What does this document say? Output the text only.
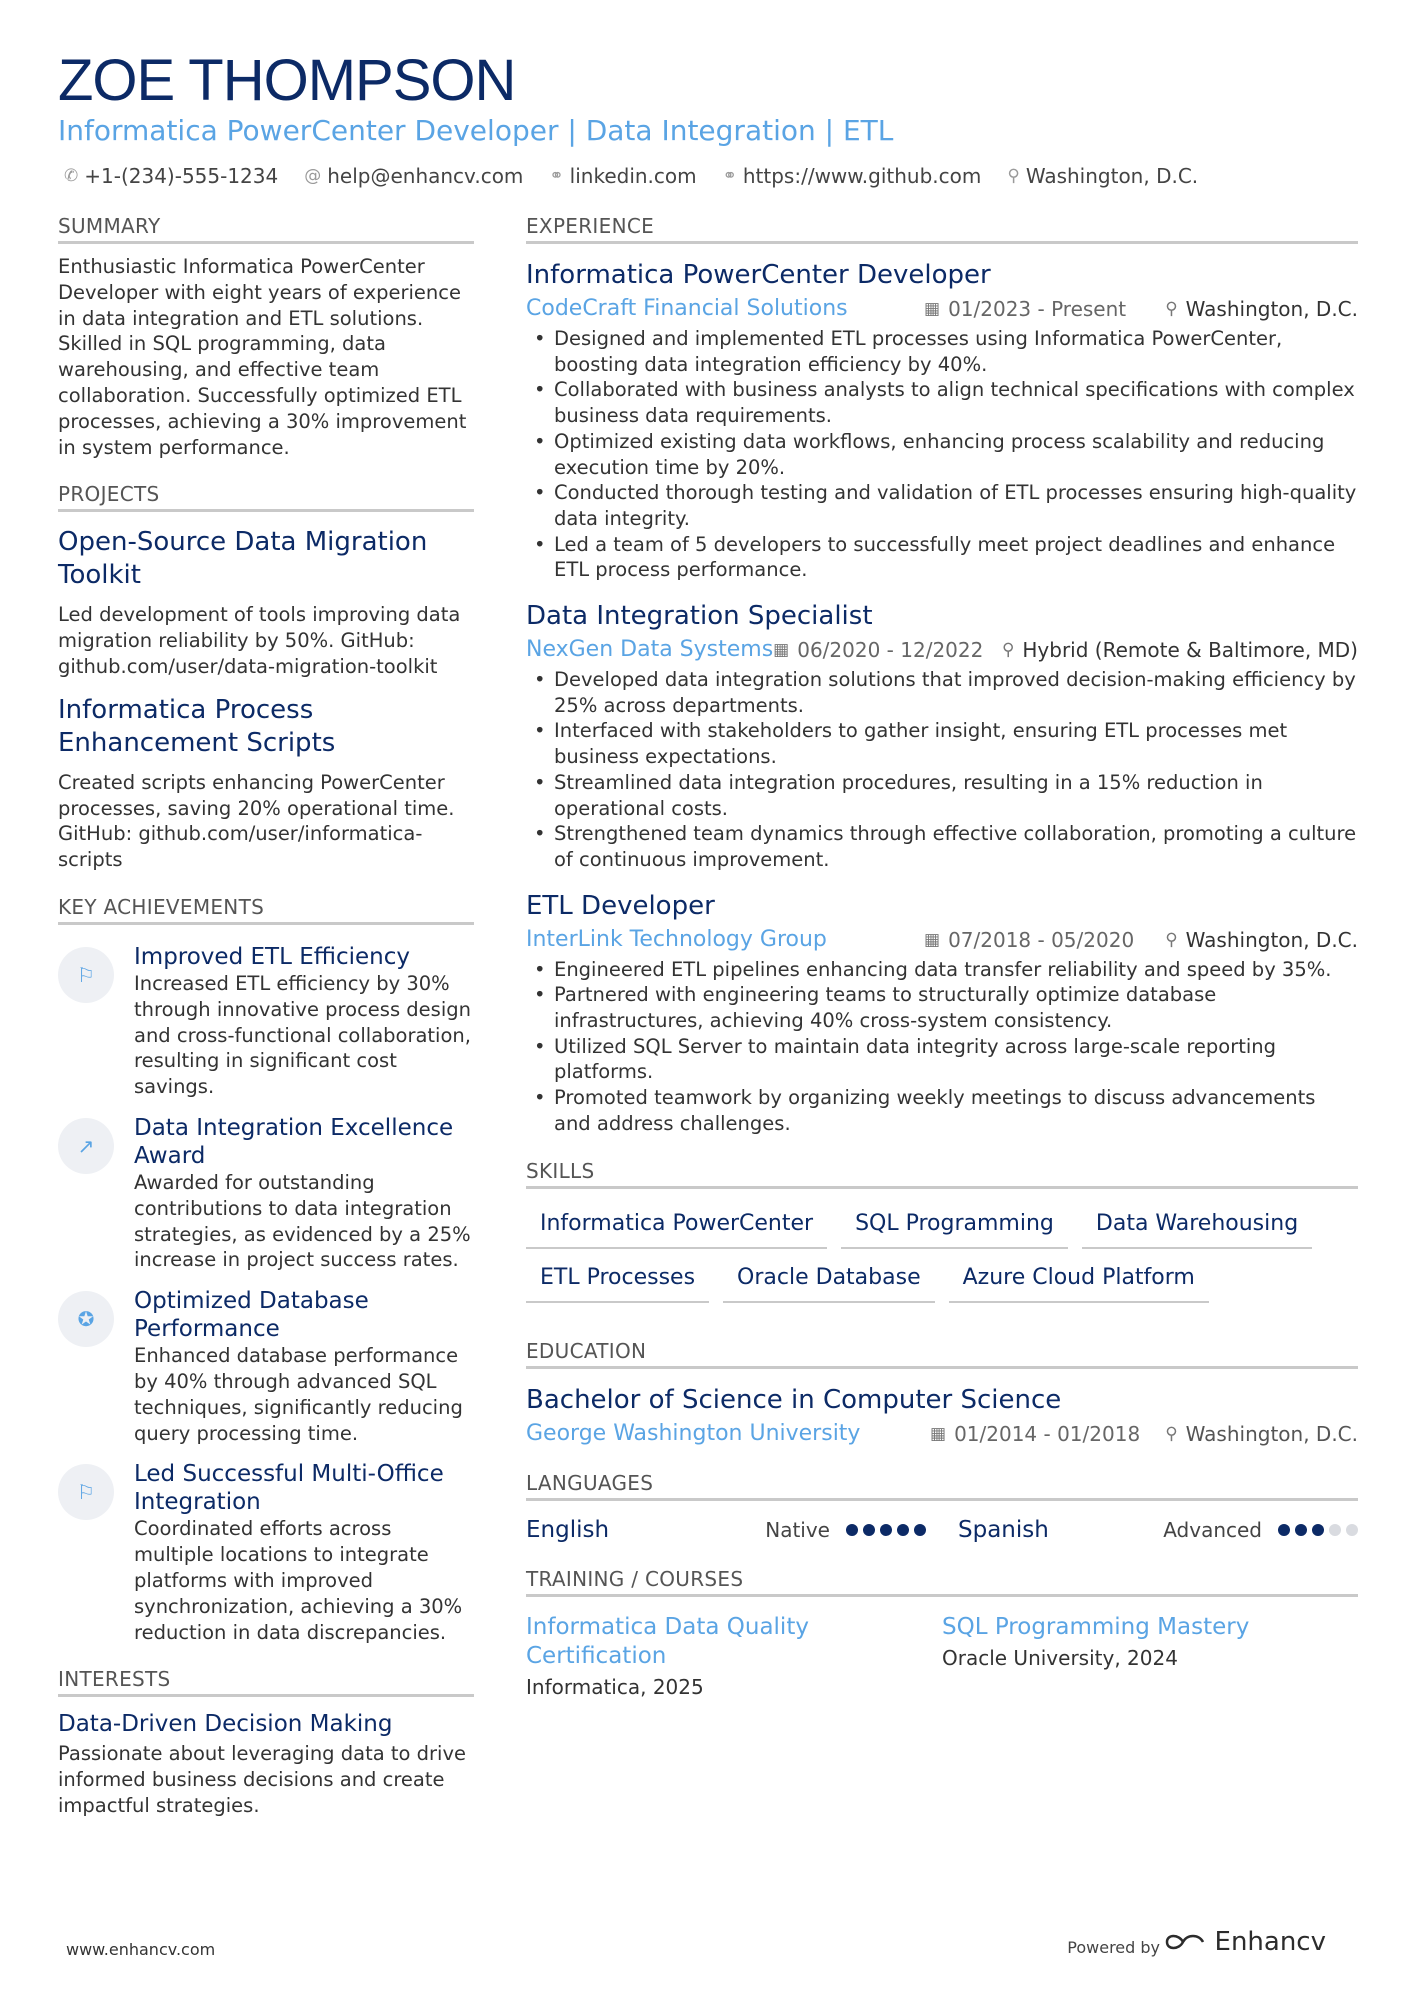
ZOE THOMPSON
Informatica PowerCenter Developer | Data Integration | ETL
✆ +1-(234)-555-1234 @ help@enhancv.com ⚭ linkedin.com ⚭ https://www.github.com ⚲ Washington, D.C.
SUMMARY
Enthusiastic Informatica PowerCenter Developer with eight years of experience in data integration and ETL solutions. Skilled in SQL programming, data warehousing, and effective team collaboration. Successfully optimized ETL processes, achieving a 30% improvement in system performance.
PROJECTS
Open-Source Data Migration Toolkit
Led development of tools improving data migration reliability by 50%. GitHub: github.com/user/data-migration-toolkit
Informatica Process Enhancement Scripts
Created scripts enhancing PowerCenter processes, saving 20% operational time. GitHub: github.com/user/informatica-scripts
KEY ACHIEVEMENTS
⚐
Improved ETL Efficiency
Increased ETL efficiency by 30% through innovative process design and cross-functional collaboration, resulting in significant cost savings.
↗
Data Integration Excellence Award
Awarded for outstanding contributions to data integration strategies, as evidenced by a 25% increase in project success rates.
✪
Optimized Database Performance
Enhanced database performance by 40% through advanced SQL techniques, significantly reducing query processing time.
⚐
Led Successful Multi-Office Integration
Coordinated efforts across multiple locations to integrate platforms with improved synchronization, achieving a 30% reduction in data discrepancies.
INTERESTS
Data-Driven Decision Making
Passionate about leveraging data to drive informed business decisions and create impactful strategies.
EXPERIENCE
Informatica PowerCenter Developer
CodeCraft Financial Solutions	▦ 01/2023 - Present ⚲ Washington, D.C.
• Designed and implemented ETL processes using Informatica PowerCenter, boosting data integration efficiency by 40%.
• Collaborated with business analysts to align technical specifications with complex business data requirements.
• Optimized existing data workflows, enhancing process scalability and reducing execution time by 20%.
• Conducted thorough testing and validation of ETL processes ensuring high-quality data integrity.
• Led a team of 5 developers to successfully meet project deadlines and enhance ETL process performance.
Data Integration Specialist
NexGen Data Systems ▦ 06/2020 - 12/2022 ⚲ Hybrid (Remote & Baltimore, MD)
• Developed data integration solutions that improved decision-making efficiency by 25% across departments.
• Interfaced with stakeholders to gather insight, ensuring ETL processes met business expectations.
• Streamlined data integration procedures, resulting in a 15% reduction in operational costs.
• Strengthened team dynamics through effective collaboration, promoting a culture of continuous improvement.
ETL Developer
InterLink Technology Group	▦ 07/2018 - 05/2020 ⚲ Washington, D.C.
• Engineered ETL pipelines enhancing data transfer reliability and speed by 35%.
• Partnered with engineering teams to structurally optimize database infrastructures, achieving 40% cross-system consistency.
• Utilized SQL Server to maintain data integrity across large-scale reporting platforms.
• Promoted teamwork by organizing weekly meetings to discuss advancements and address challenges.
SKILLS
Informatica PowerCenter	SQL Programming	Data Warehousing
ETL Processes	Oracle Database	Azure Cloud Platform
EDUCATION
Bachelor of Science in Computer Science
George Washington University	▦ 01/2014 - 01/2018 ⚲ Washington, D.C.
LANGUAGES
English	Native	Spanish	Advanced
TRAINING / COURSES
Informatica Data Quality Certification
Informatica, 2025
SQL Programming Mastery
Oracle University, 2024
www.enhancv.com	Powered by Enhancv
